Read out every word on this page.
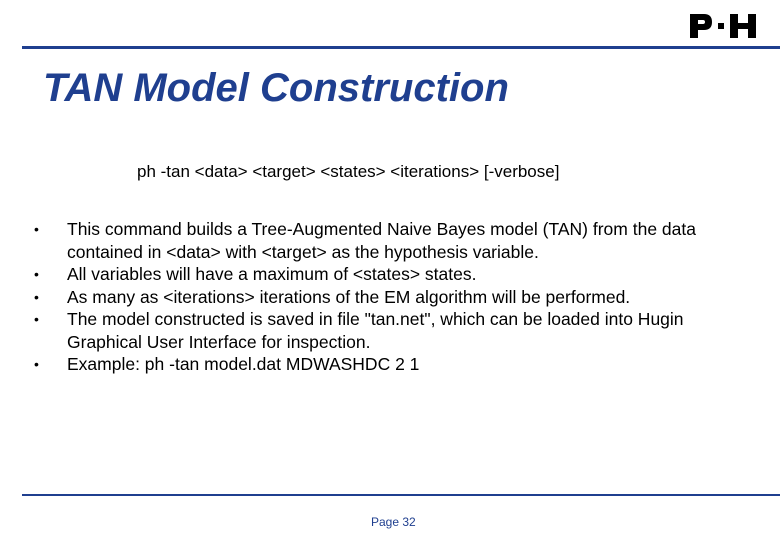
TAN Model Construction
ph -tan <data> <target> <states> <iterations> [-verbose]
• This command builds a Tree-Augmented Naive Bayes model (TAN) from the data contained in <data> with <target> as the hypothesis variable.
• All variables will have a maximum of <states> states.
• As many as <iterations> iterations of the EM algorithm will be performed.
• The model constructed is saved in file "tan.net", which can be loaded into Hugin Graphical User Interface for inspection.
• Example: ph -tan model.dat MDWASHDC 2 1
Page 32
